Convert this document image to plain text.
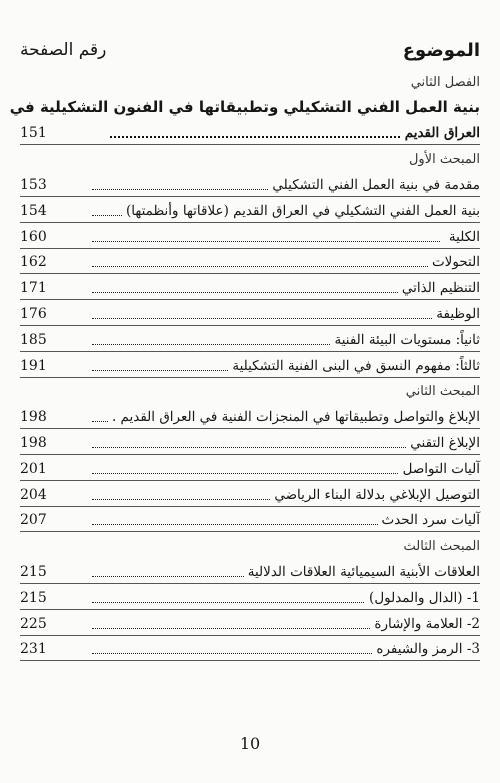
رقم الصفحة	الموضوع
الفصل الثاني
بنية العمل الفني التشكيلي وتطبيقاتها في الفنون التشكيلية في
العراق القديم
151
المبحث الأول
مقدمة في بنية العمل الفني التشكيلي
153
بنية العمل الفني التشكيلي في العراق القديم (علاقاتها وأنظمتها)
154
الكلية
160
التحولات
162
التنظيم الذاتي
171
الوظيفة
176
ثانياً: مستويات البيئة الفنية
185
ثالثاً: مفهوم النسق في البنى الفنية التشكيلية
191
المبحث الثاني
الإبلاغ والتواصل وتطبيقاتها في المنجزات الفنية في العراق القديم .
198
الإبلاغ التقني
198
آليات التواصل
201
التوصيل الإبلاغي بدلالة البناء الرياضي
204
آليات سرد الحدث
207
المبحث الثالث
العلاقات الأبنية السيميائية العلاقات الدلالية
215
1- (الدال والمدلول)
215
2- العلامة والإشارة
225
3- الرمز والشيفره
231
10
